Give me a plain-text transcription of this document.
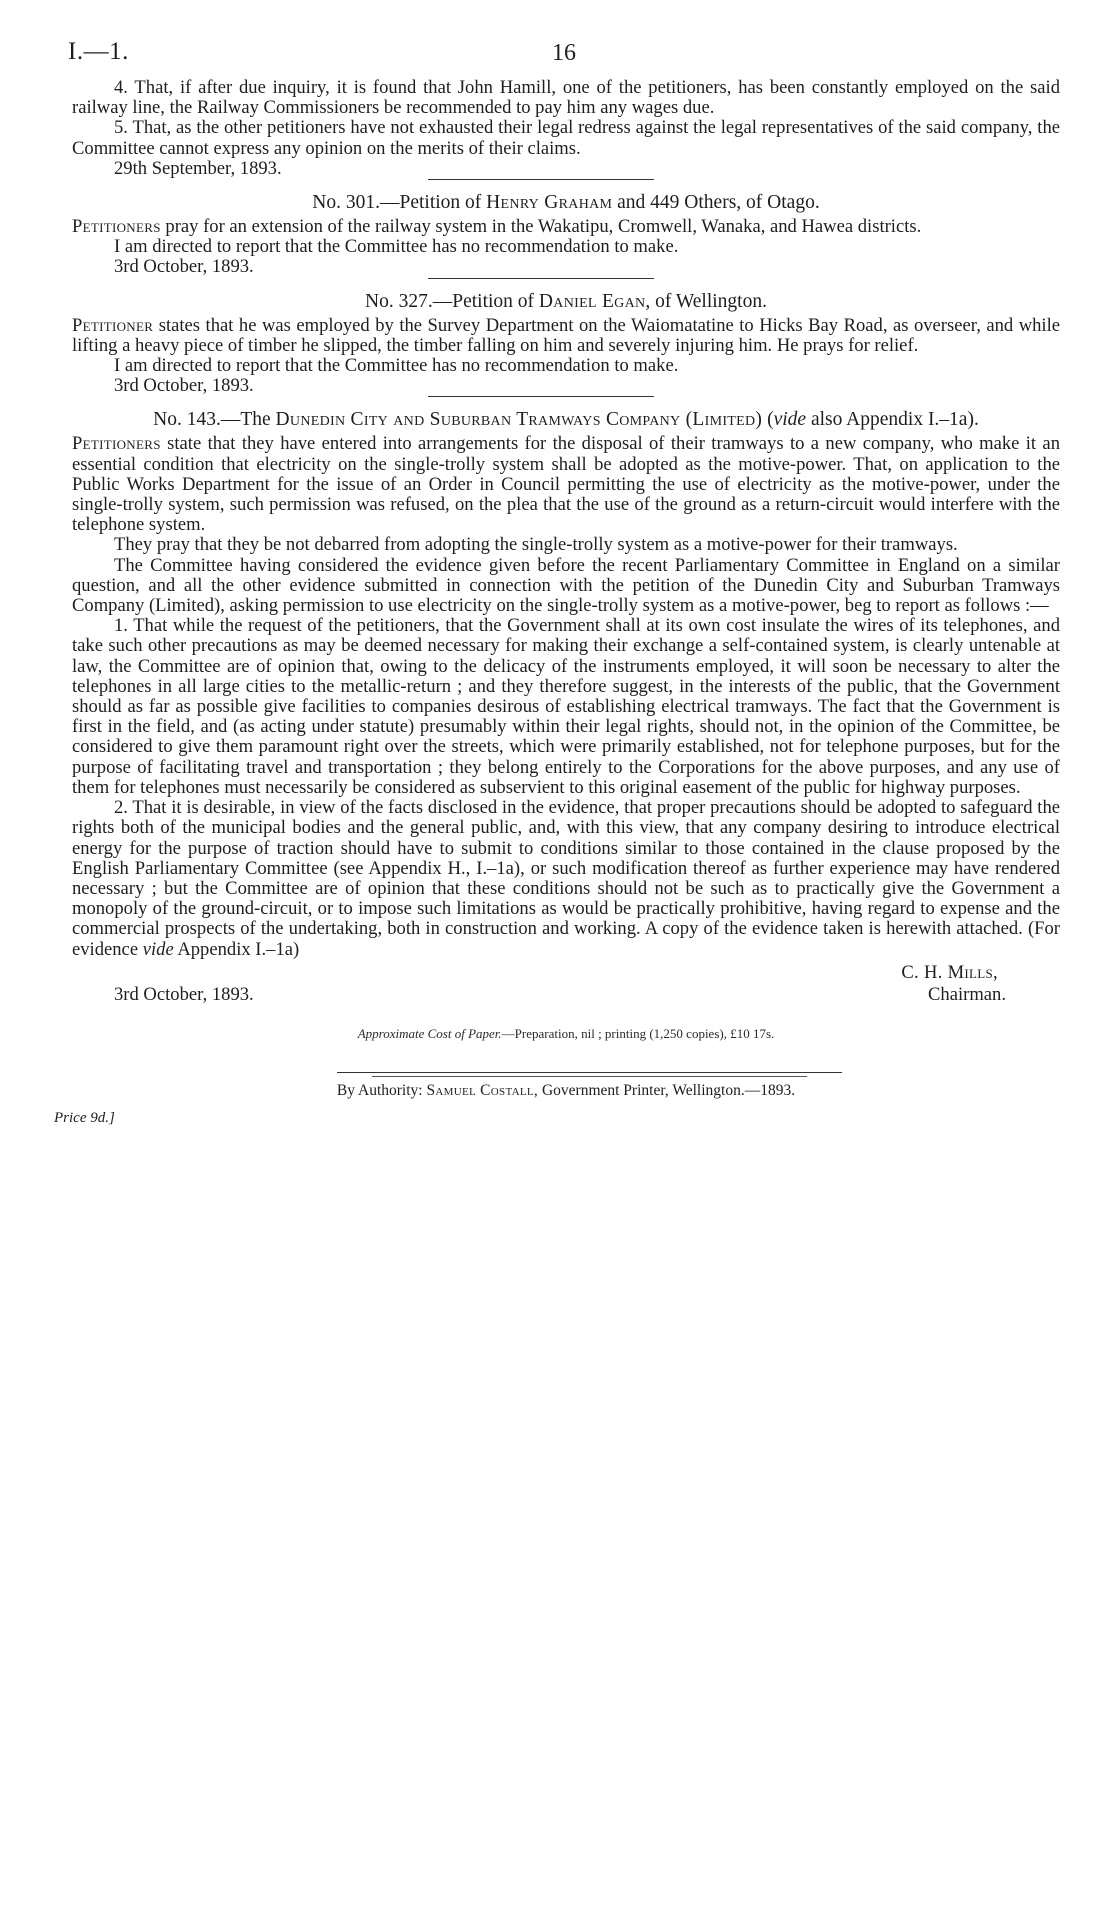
I.—1.	16

4. That, if after due inquiry, it is found that John Hamill, one of the petitioners, has been constantly employed on the said railway line, the Railway Commissioners be recommended to pay him any wages due.

5. That, as the other petitioners have not exhausted their legal redress against the legal representatives of the said company, the Committee cannot express any opinion on the merits of their claims.

29th September, 1893.
No. 301.—Petition of Henry Graham and 449 Others, of Otago.

Petitioners pray for an extension of the railway system in the Wakatipu, Cromwell, Wanaka, and Hawea districts.

I am directed to report that the Committee has no recommendation to make.

3rd October, 1893.
No. 327.—Petition of Daniel Egan, of Wellington.

Petitioner states that he was employed by the Survey Department on the Waiomatatine to Hicks Bay Road, as overseer, and while lifting a heavy piece of timber he slipped, the timber falling on him and severely injuring him. He prays for relief.

I am directed to report that the Committee has no recommendation to make.

3rd October, 1893.
No. 143.—The Dunedin City and Suburban Tramways Company (Limited) (vide also Appendix I.–1a).

Petitioners state that they have entered into arrangements for the disposal of their tramways to a new company, who make it an essential condition that electricity on the single-trolly system shall be adopted as the motive-power. That, on application to the Public Works Department for the issue of an Order in Council permitting the use of electricity as the motive-power, under the single-trolly system, such permission was refused, on the plea that the use of the ground as a return-circuit would interfere with the telephone system.

They pray that they be not debarred from adopting the single-trolly system as a motive-power for their tramways.

The Committee having considered the evidence given before the recent Parliamentary Committee in England on a similar question, and all the other evidence submitted in connection with the petition of the Dunedin City and Suburban Tramways Company (Limited), asking permission to use electricity on the single-trolly system as a motive-power, beg to report as follows :—

1. That while the request of the petitioners, that the Government shall at its own cost insulate the wires of its telephones, and take such other precautions as may be deemed necessary for making their exchange a self-contained system, is clearly untenable at law, the Committee are of opinion that, owing to the delicacy of the instruments employed, it will soon be necessary to alter the telephones in all large cities to the metallic-return ; and they therefore suggest, in the interests of the public, that the Government should as far as possible give facilities to companies desirous of establishing electrical tramways. The fact that the Government is first in the field, and (as acting under statute) presumably within their legal rights, should not, in the opinion of the Committee, be considered to give them paramount right over the streets, which were primarily established, not for telephone purposes, but for the purpose of facilitating travel and transportation ; they belong entirely to the Corporations for the above purposes, and any use of them for telephones must necessarily be considered as subservient to this original easement of the public for highway purposes.

2. That it is desirable, in view of the facts disclosed in the evidence, that proper precautions should be adopted to safeguard the rights both of the municipal bodies and the general public, and, with this view, that any company desiring to introduce electrical energy for the purpose of traction should have to submit to conditions similar to those contained in the clause proposed by the English Parliamentary Committee (see Appendix H., I.–1a), or such modification thereof as further experience may have rendered necessary ; but the Committee are of opinion that these conditions should not be such as to practically give the Government a monopoly of the ground-circuit, or to impose such limitations as would be practically prohibitive, having regard to expense and the commercial prospects of the undertaking, both in construction and working. A copy of the evidence taken is herewith attached. (For evidence vide Appendix I.–1a)

C. H. Mills,
3rd October, 1893.	Chairman.
Approximate Cost of Paper.—Preparation, nil ; printing (1,250 copies), £10 17s.
By Authority: Samuel Costall, Government Printer, Wellington.—1893.
Price 9d.]
